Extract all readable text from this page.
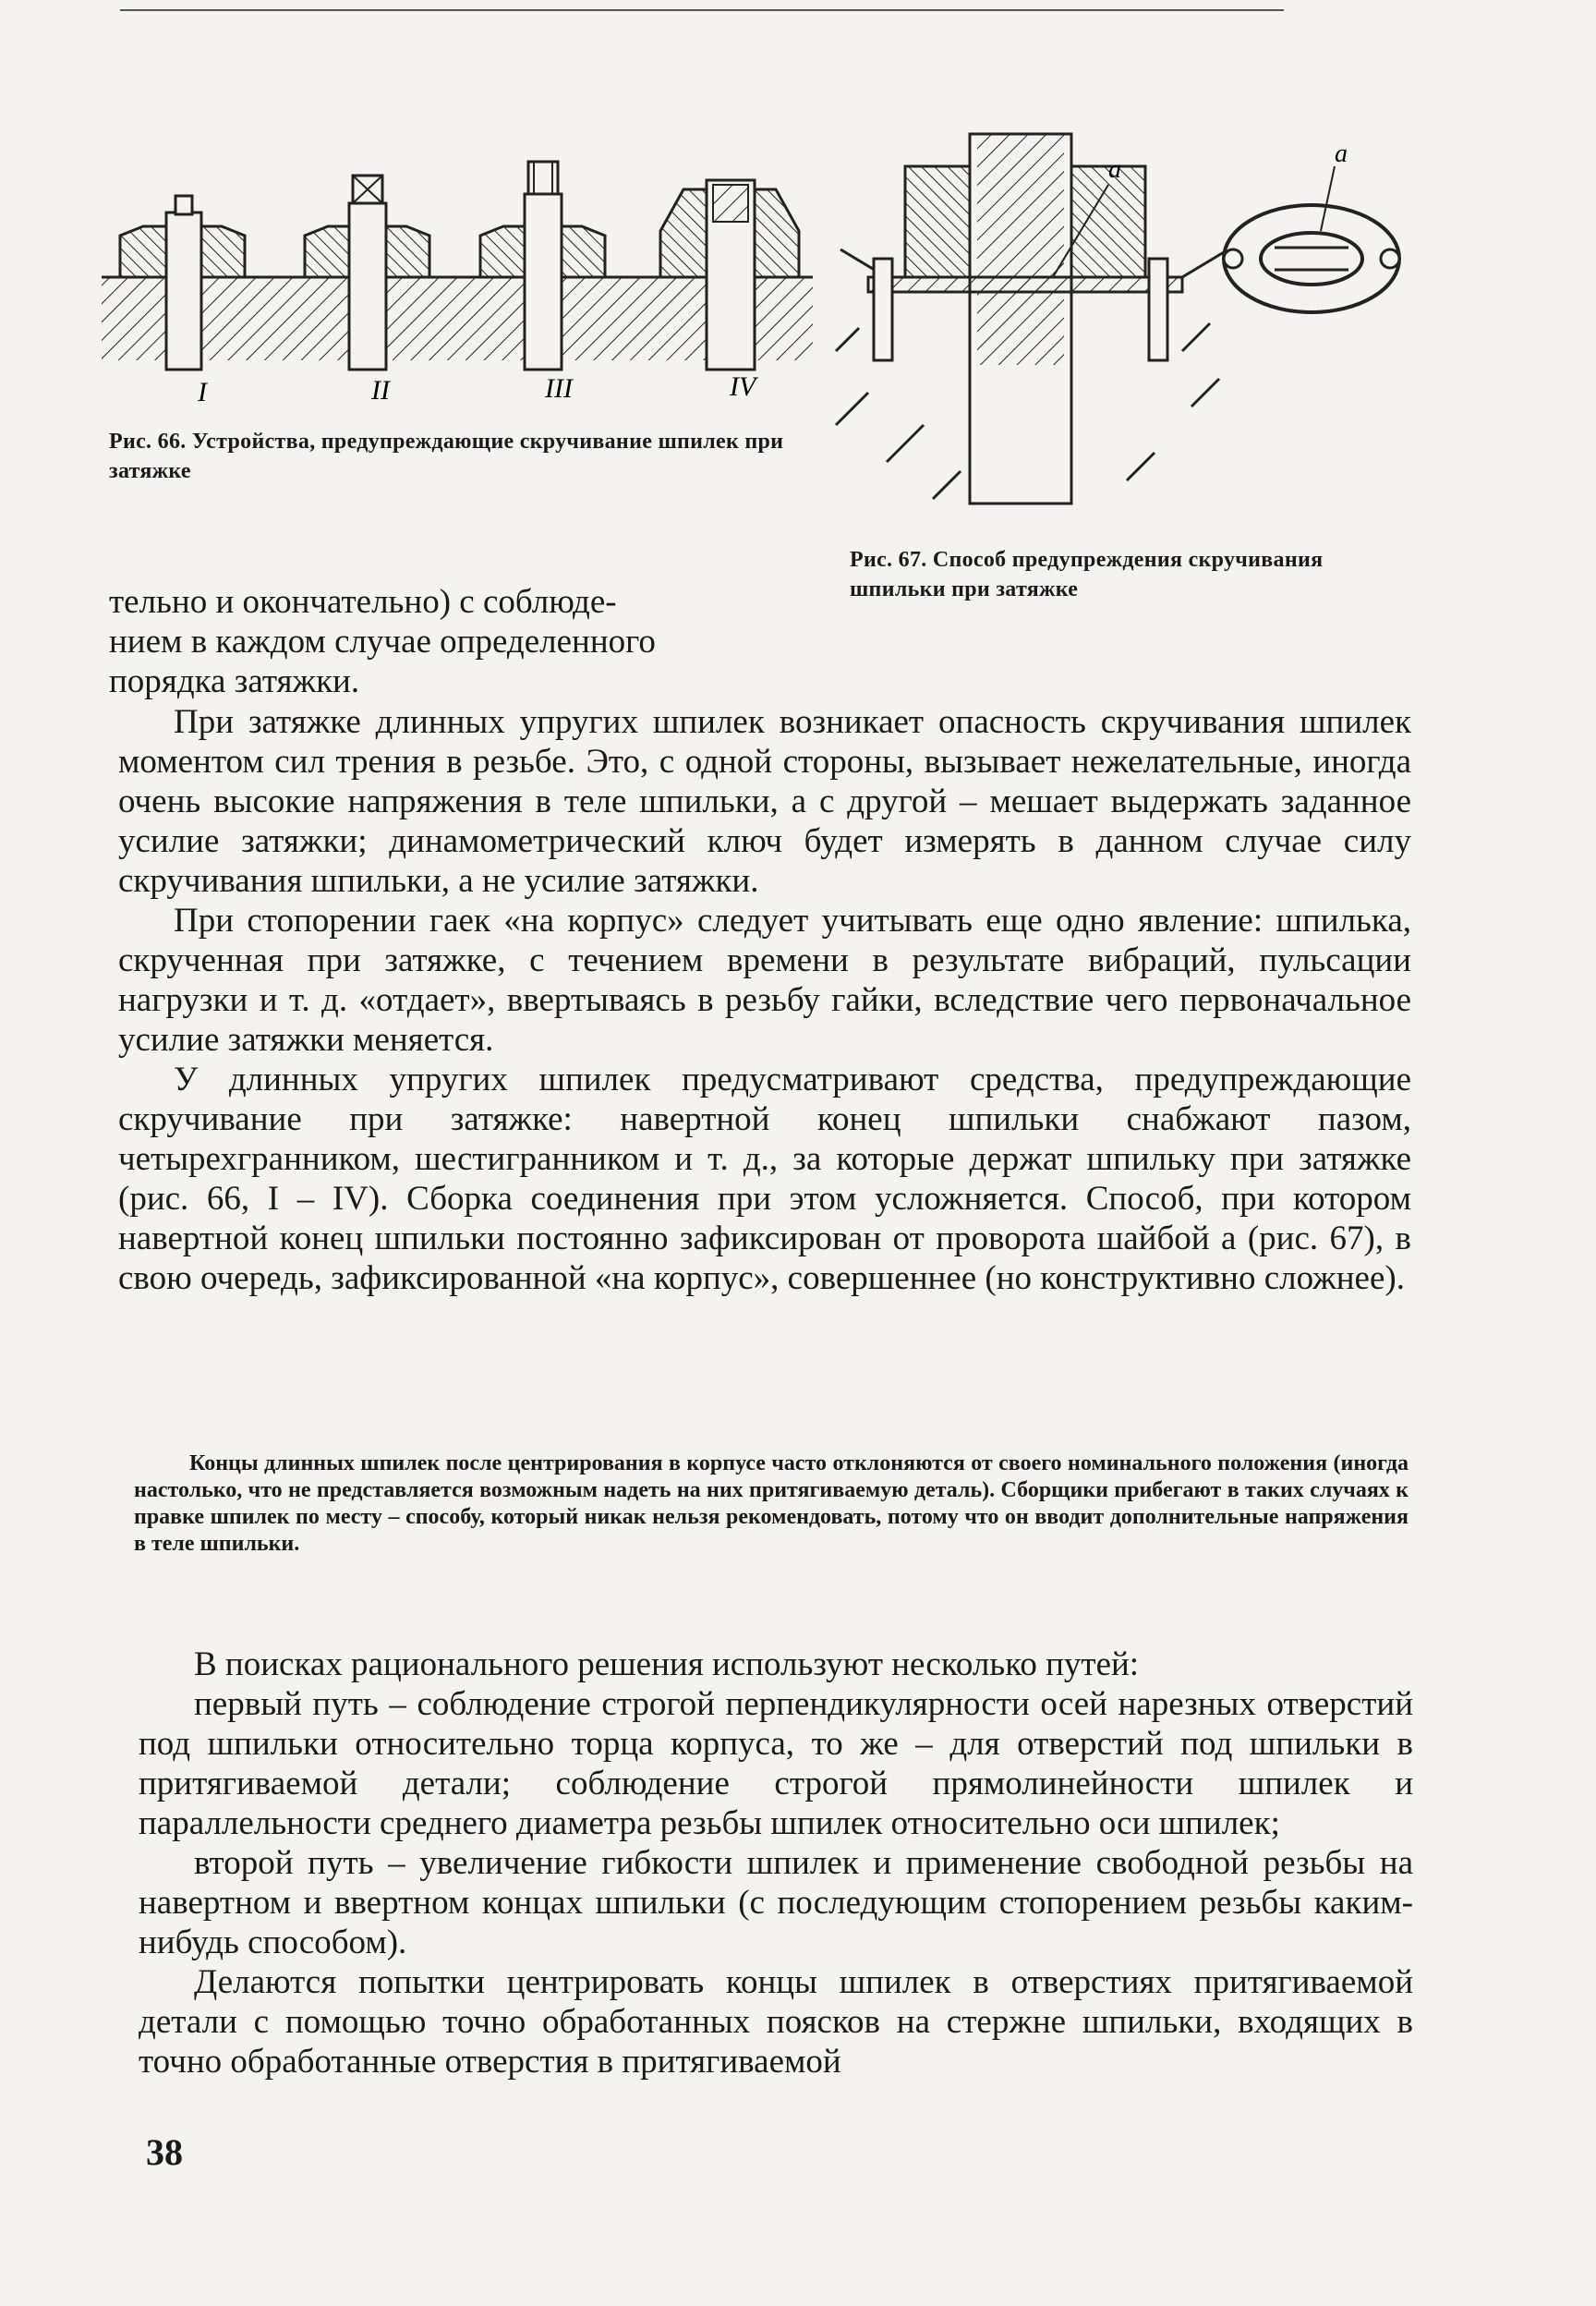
I	II	III	IV
Рис. 66. Устройства, предупреждающие скручивание шпилек при затяжке
a
a
Рис. 67. Способ предупреждения скручивания шпильки при затяжке

тельно и окончательно) с соблюде-

нием в каждом случае определенного

порядка затяжки.

При затяжке длинных упругих шпилек возникает опасность скручивания шпилек моментом сил трения в резьбе. Это, с одной стороны, вызывает нежелательные, иногда очень высокие напряжения в теле шпильки, а с другой – мешает выдержать заданное усилие затяжки; динамометрический ключ будет измерять в данном случае силу скручивания шпильки, а не усилие затяжки.

При стопорении гаек «на корпус» следует учитывать еще одно явление: шпилька, скрученная при затяжке, с течением времени в результате вибраций, пульсации нагрузки и т. д. «отдает», ввертываясь в резьбу гайки, вследствие чего первоначальное усилие затяжки меняется.

У длинных упругих шпилек предусматривают средства, предупреждающие скручивание при затяжке: навертной конец шпильки снабжают пазом, четырехгранником, шестигранником и т. д., за которые держат шпильку при затяжке (рис. 66, I – IV). Сборка соединения при этом усложняется. Способ, при котором навертной конец шпильки постоянно зафиксирован от проворота шайбой a (рис. 67), в свою очередь, зафиксированной «на корпус», совершеннее (но конструктивно сложнее).

Концы длинных шпилек после центрирования в корпусе часто отклоняются от своего номинального положения (иногда настолько, что не представляется возможным надеть на них притягиваемую деталь). Сборщики прибегают в таких случаях к правке шпилек по месту – способу, который никак нельзя рекомендовать, потому что он вводит дополнительные напряжения в теле шпильки.

В поисках рационального решения используют несколько путей:

первый путь – соблюдение строгой перпендикулярности осей нарезных отверстий под шпильки относительно торца корпуса, то же – для отверстий под шпильки в притягиваемой детали; соблюдение строгой прямолинейности шпилек и параллельности среднего диаметра резьбы шпилек относительно оси шпилек;

второй путь – увеличение гибкости шпилек и применение свободной резьбы на навертном и ввертном концах шпильки (с последующим стопорением резьбы каким-нибудь способом).

Делаются попытки центрировать концы шпилек в отверстиях притягиваемой детали с помощью точно обработанных поясков на стержне шпильки, входящих в точно обработанные отверстия в притягиваемой

38
